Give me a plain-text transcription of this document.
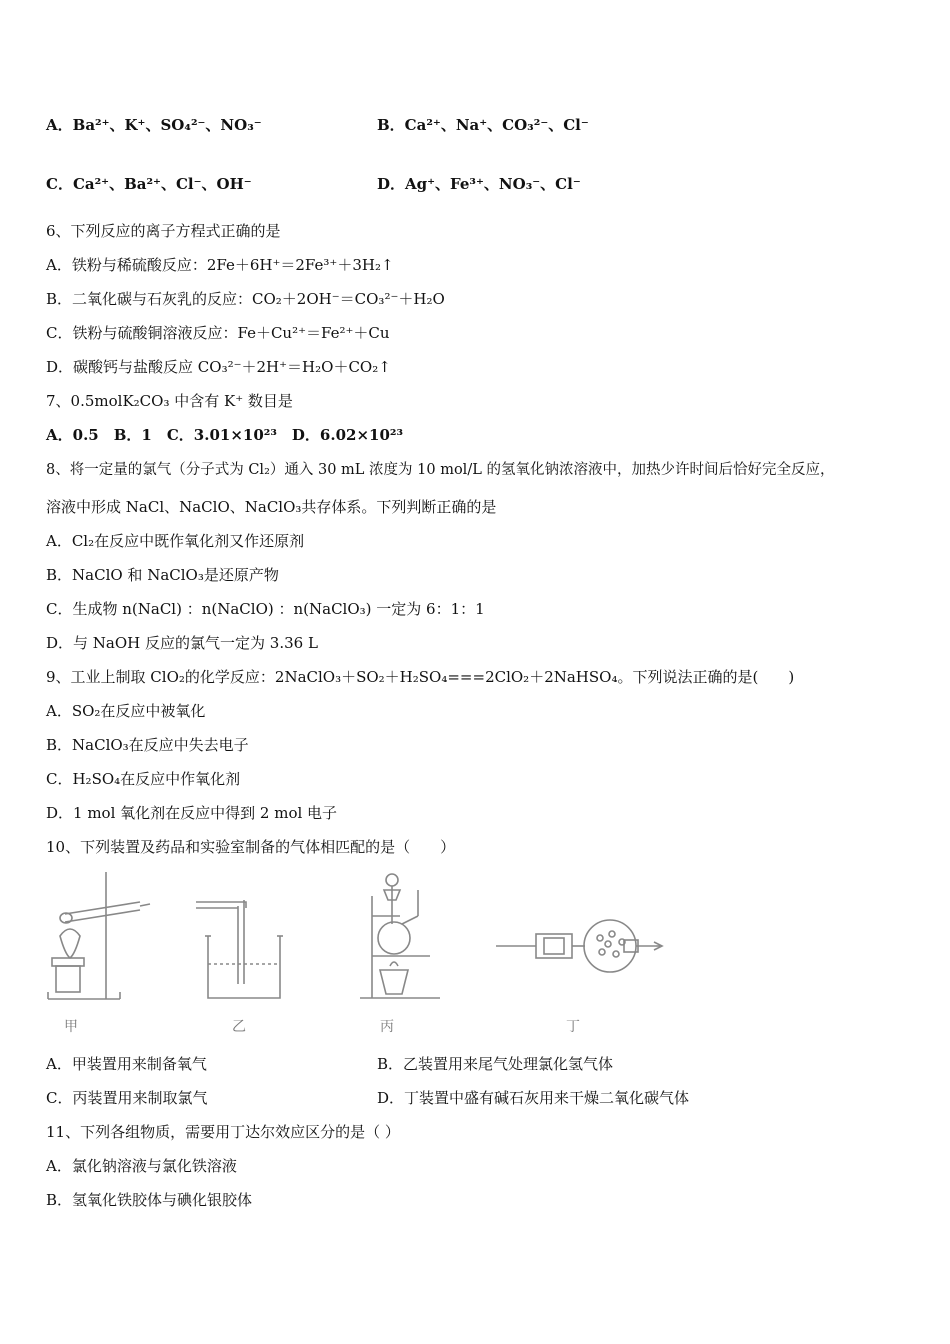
A．Ba²⁺、K⁺、SO₄²⁻、NO₃⁻	B．Ca²⁺、Na⁺、CO₃²⁻、Cl⁻
C．Ca²⁺、Ba²⁺、Cl⁻、OH⁻	D．Ag⁺、Fe³⁺、NO₃⁻、Cl⁻
6、下列反应的离子方程式正确的是
A．铁粉与稀硫酸反应：2Fe＋6H⁺＝2Fe³⁺＋3H₂↑
B．二氧化碳与石灰乳的反应：CO₂＋2OH⁻＝CO₃²⁻＋H₂O
C．铁粉与硫酸铜溶液反应：Fe＋Cu²⁺＝Fe²⁺＋Cu
D．碳酸钙与盐酸反应 CO₃²⁻＋2H⁺＝H₂O＋CO₂↑
7、0.5molK₂CO₃ 中含有 K⁺ 数目是
A．0.5　B．1　C．3.01×10²³　D．6.02×10²³
8、将一定量的氯气（分子式为 Cl₂）通入 30 mL 浓度为 10 mol/L 的氢氧化钠浓溶液中，加热少许时间后恰好完全反应，
溶液中形成 NaCl、NaClO、NaClO₃共存体系。下列判断正确的是
A．Cl₂在反应中既作氧化剂又作还原剂
B．NaClO 和 NaClO₃是还原产物
C．生成物 n(NaCl) ：n(NaClO) ：n(NaClO₃) 一定为 6：1：1
D．与 NaOH 反应的氯气一定为 3.36 L
9、工业上制取 ClO₂的化学反应：2NaClO₃＋SO₂＋H₂SO₄===2ClO₂＋2NaHSO₄。下列说法正确的是(　　)
A．SO₂在反应中被氧化
B．NaClO₃在反应中失去电子
C．H₂SO₄在反应中作氧化剂
D．1 mol 氧化剂在反应中得到 2 mol 电子
10、下列装置及药品和实验室制备的气体相匹配的是（　　）
甲	乙	丙	丁
A．甲装置用来制备氧气	B．乙装置用来尾气处理氯化氢气体
C．丙装置用来制取氯气	D．丁装置中盛有碱石灰用来干燥二氧化碳气体
11、下列各组物质，需要用丁达尔效应区分的是（ ）
A．氯化钠溶液与氯化铁溶液
B．氢氧化铁胶体与碘化银胶体
